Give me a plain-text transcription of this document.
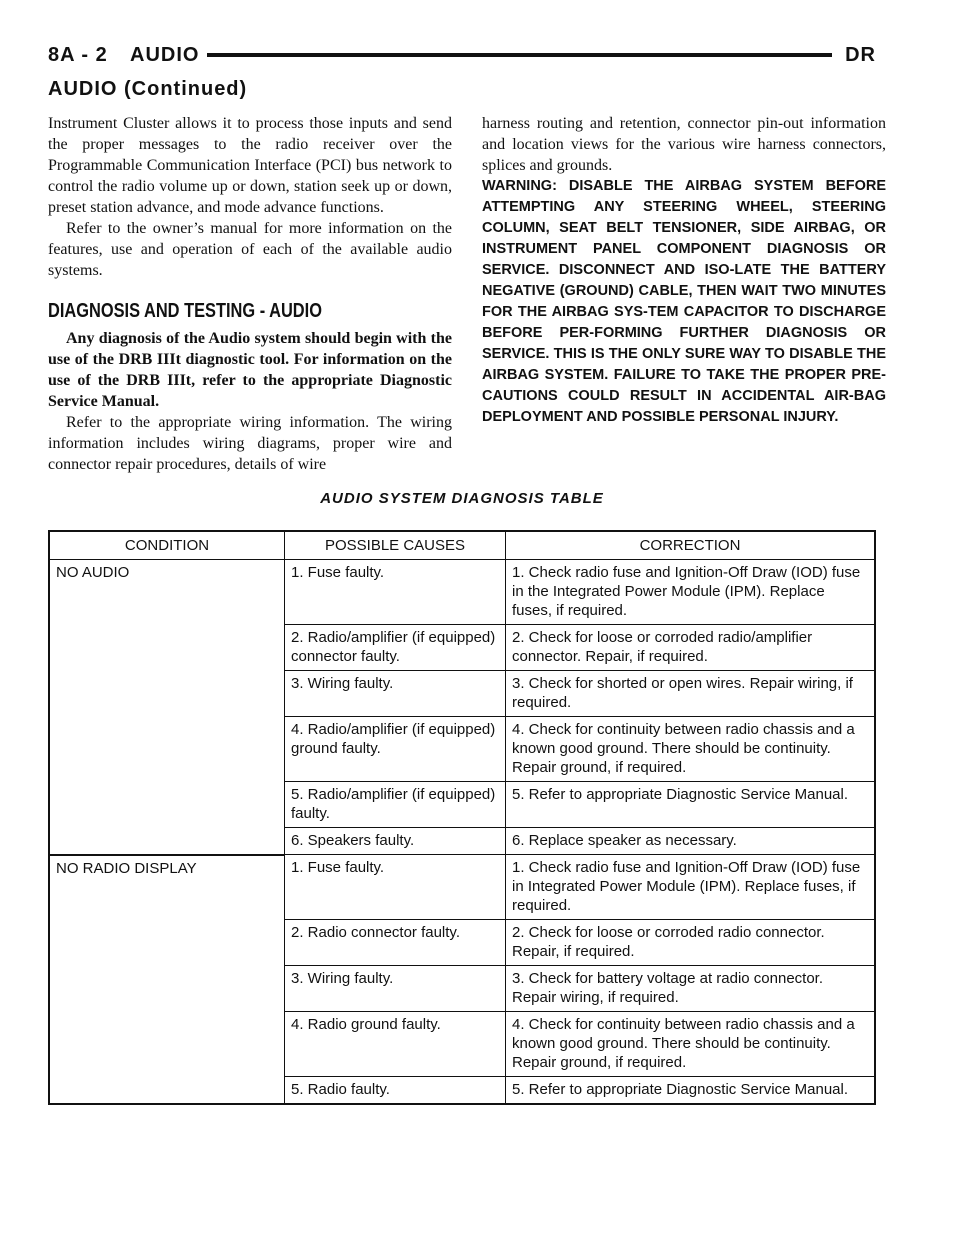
8A - 2 AUDIO	DR
AUDIO (Continued)

Instrument Cluster allows it to process those inputs and send the proper messages to the radio receiver over the Programmable Communication Interface (PCI) bus network to control the radio volume up or down, station seek up or down, preset station advance, and mode advance functions.

Refer to the owner’s manual for more information on the features, use and operation of each of the available audio systems.

DIAGNOSIS AND TESTING - AUDIO

Any diagnosis of the Audio system should begin with the use of the DRB IIIt diagnostic tool. For information on the use of the DRB IIIt, refer to the appropriate Diagnostic Service Manual.

Refer to the appropriate wiring information. The wiring information includes wiring diagrams, proper wire and connector repair procedures, details of wire

harness routing and retention, connector pin-out information and location views for the various wire harness connectors, splices and grounds.

WARNING: DISABLE THE AIRBAG SYSTEM BEFORE ATTEMPTING ANY STEERING WHEEL, STEERING COLUMN, SEAT BELT TENSIONER, SIDE AIRBAG, OR INSTRUMENT PANEL COMPONENT DIAGNOSIS OR SERVICE. DISCONNECT AND ISO-LATE THE BATTERY NEGATIVE (GROUND) CABLE, THEN WAIT TWO MINUTES FOR THE AIRBAG SYS-TEM CAPACITOR TO DISCHARGE BEFORE PER-FORMING FURTHER DIAGNOSIS OR SERVICE. THIS IS THE ONLY SURE WAY TO DISABLE THE AIRBAG SYSTEM. FAILURE TO TAKE THE PROPER PRE-CAUTIONS COULD RESULT IN ACCIDENTAL AIR-BAG DEPLOYMENT AND POSSIBLE PERSONAL INJURY.

AUDIO SYSTEM DIAGNOSIS TABLE
CONDITION	POSSIBLE CAUSES	CORRECTION
NO AUDIO	1. Fuse faulty.	1. Check radio fuse and Ignition-Off Draw (IOD) fuse in the Integrated Power Module (IPM). Replace fuses, if required.
	2. Radio/amplifier (if equipped) connector faulty.	2. Check for loose or corroded radio/amplifier connector. Repair, if required.
	3. Wiring faulty.	3. Check for shorted or open wires. Repair wiring, if required.
	4. Radio/amplifier (if equipped) ground faulty.	4. Check for continuity between radio chassis and a known good ground. There should be continuity. Repair ground, if required.
	5. Radio/amplifier (if equipped) faulty.	5. Refer to appropriate Diagnostic Service Manual.
	6. Speakers faulty.	6. Replace speaker as necessary.
NO RADIO DISPLAY	1. Fuse faulty.	1. Check radio fuse and Ignition-Off Draw (IOD) fuse in Integrated Power Module (IPM). Replace fuses, if required.
	2. Radio connector faulty.	2. Check for loose or corroded radio connector. Repair, if required.
	3. Wiring faulty.	3. Check for battery voltage at radio connector. Repair wiring, if required.
	4. Radio ground faulty.	4. Check for continuity between radio chassis and a known good ground. There should be continuity. Repair ground, if required.
	5. Radio faulty.	5. Refer to appropriate Diagnostic Service Manual.
